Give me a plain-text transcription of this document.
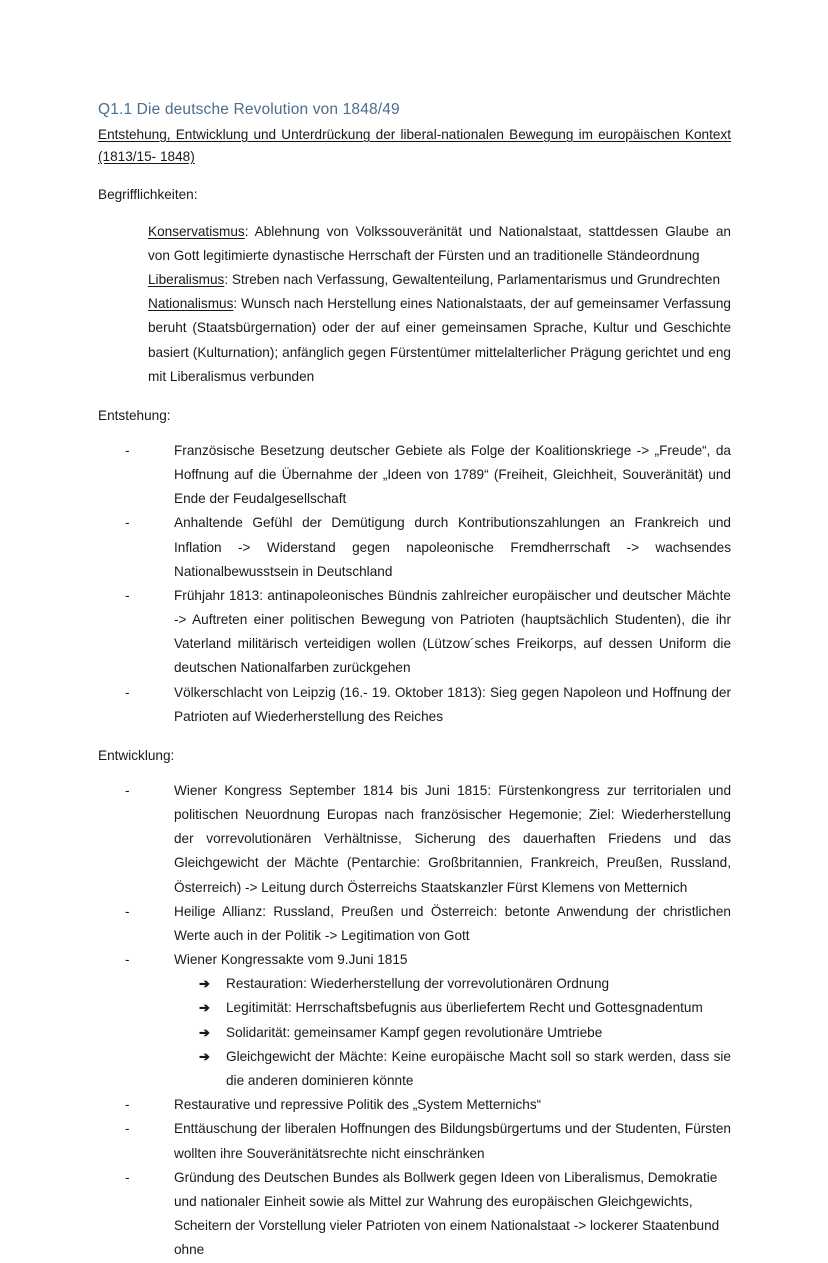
Q1.1 Die deutsche Revolution von 1848/49

Entstehung, Entwicklung und Unterdrückung der liberal-nationalen Bewegung im europäischen Kontext (1813/15- 1848)

Begrifflichkeiten:

Konservatismus: Ablehnung von Volkssouveränität und Nationalstaat, stattdessen Glaube an von Gott legitimierte dynastische Herrschaft der Fürsten und an traditionelle Ständeordnung

Liberalismus: Streben nach Verfassung, Gewaltenteilung, Parlamentarismus und Grundrechten

Nationalismus: Wunsch nach Herstellung eines Nationalstaats, der auf gemeinsamer Verfassung beruht (Staatsbürgernation) oder der auf einer gemeinsamen Sprache, Kultur und Geschichte basiert (Kulturnation); anfänglich gegen Fürstentümer mittelalterlicher Prägung gerichtet und eng mit Liberalismus verbunden

Entstehung:

-	Französische Besetzung deutscher Gebiete als Folge der Koalitionskriege -> „Freude“, da Hoffnung auf die Übernahme der „Ideen von 1789“ (Freiheit, Gleichheit, Souveränität) und Ende der Feudalgesellschaft
-	Anhaltende Gefühl der Demütigung durch Kontributionszahlungen an Frankreich und Inflation -> Widerstand gegen napoleonische Fremdherrschaft -> wachsendes Nationalbewusstsein in Deutschland
-	Frühjahr 1813: antinapoleonisches Bündnis zahlreicher europäischer und deutscher Mächte -> Auftreten einer politischen Bewegung von Patrioten (hauptsächlich Studenten), die ihr Vaterland militärisch verteidigen wollen (Lützow´sches Freikorps, auf dessen Uniform die deutschen Nationalfarben zurückgehen
-	Völkerschlacht von Leipzig (16.- 19. Oktober 1813): Sieg gegen Napoleon und Hoffnung der Patrioten auf Wiederherstellung des Reiches

Entwicklung:

-	Wiener Kongress September 1814 bis Juni 1815: Fürstenkongress zur territorialen und politischen Neuordnung Europas nach französischer Hegemonie; Ziel: Wiederherstellung der vorrevolutionären Verhältnisse, Sicherung des dauerhaften Friedens und das Gleichgewicht der Mächte (Pentarchie: Großbritannien, Frankreich, Preußen, Russland, Österreich) -> Leitung durch Österreichs Staatskanzler Fürst Klemens von Metternich
-	Heilige Allianz: Russland, Preußen und Österreich: betonte Anwendung der christlichen Werte auch in der Politik -> Legitimation von Gott
-	Wiener Kongressakte vom 9.Juni 1815
➔ Restauration: Wiederherstellung der vorrevolutionären Ordnung
➔ Legitimität: Herrschaftsbefugnis aus überliefertem Recht und Gottesgnadentum
➔ Solidarität: gemeinsamer Kampf gegen revolutionäre Umtriebe
➔ Gleichgewicht der Mächte: Keine europäische Macht soll so stark werden, dass sie die anderen dominieren könnte
-	Restaurative und repressive Politik des „System Metternichs“
-	Enttäuschung der liberalen Hoffnungen des Bildungsbürgertums und der Studenten, Fürsten wollten ihre Souveränitätsrechte nicht einschränken
-	Gründung des Deutschen Bundes als Bollwerk gegen Ideen von Liberalismus, Demokratie und nationaler Einheit sowie als Mittel zur Wahrung des europäischen Gleichgewichts, Scheitern der Vorstellung vieler Patrioten von einem Nationalstaat -> lockerer Staatenbund ohne
